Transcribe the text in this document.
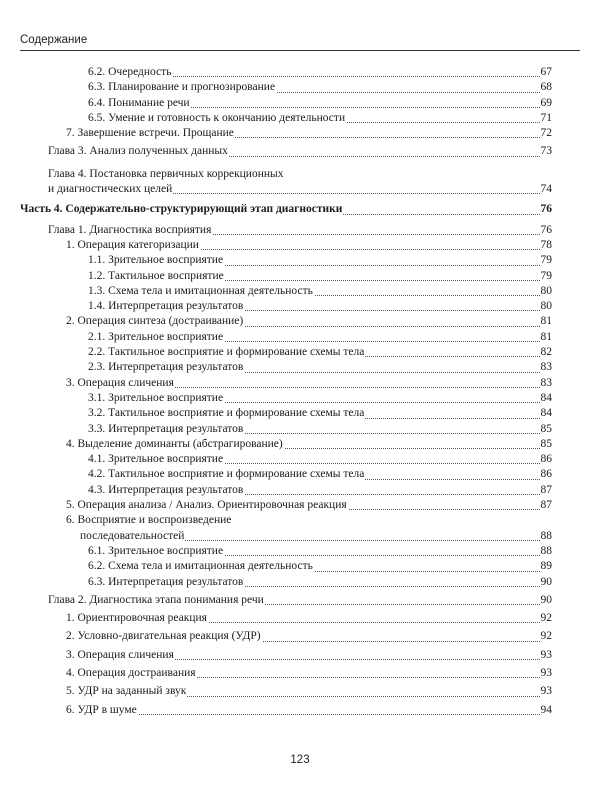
Содержание
6.2. Очередность	67
6.3. Планирование и прогнозирование	68
6.4. Понимание речи	69
6.5. Умение и готовность к окончанию деятельности	71
7. Завершение встречи. Прощание	72
Глава 3. Анализ полученных данных	73
Глава 4. Постановка первичных коррекционных
и диагностических целей	74
Часть 4. Содержательно-структурирующий этап диагностики	76
Глава 1. Диагностика восприятия	76
1. Операция категоризации	78
1.1. Зрительное восприятие	79
1.2. Тактильное восприятие	79
1.3. Схема тела и имитационная деятельность	80
1.4. Интерпретация результатов	80
2. Операция синтеза (достраивание)	81
2.1. Зрительное восприятие	81
2.2. Тактильное восприятие и формирование схемы тела	82
2.3. Интерпретация результатов	83
3. Операция сличения	83
3.1. Зрительное восприятие	84
3.2. Тактильное восприятие и формирование схемы тела	84
3.3. Интерпретация результатов	85
4. Выделение доминанты (абстрагирование)	85
4.1. Зрительное восприятие	86
4.2. Тактильное восприятие и формирование схемы тела	86
4.3. Интерпретация результатов	87
5. Операция анализа / Анализ. Ориентировочная реакция	87
6. Восприятие и воспроизведение
последовательностей	88
6.1. Зрительное восприятие	88
6.2. Схема тела и имитационная деятельность	89
6.3. Интерпретация результатов	90
Глава 2. Диагностика этапа понимания речи	90
1. Ориентировочная реакция	92
2. Условно-двигательная реакция (УДР)	92
3. Операция сличения	93
4. Операция достраивания	93
5. УДР на заданный звук	93
6. УДР в шуме	94
123
